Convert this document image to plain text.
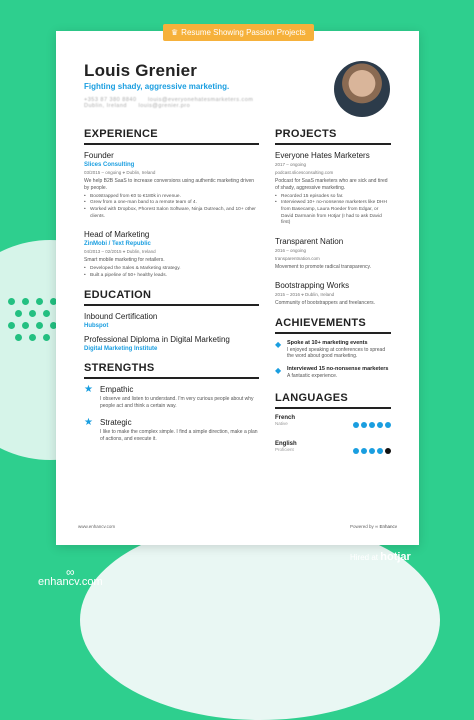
Louis Grenier
Fighting shady, aggressive marketing.
+353 87 380 8840 louis@everyonehatesmarketers.com
Dublin, Ireland louis@grenier.pro
EXPERIENCE
Founder
Slices Consulting
03/2015 – ongoing ⌖ Dublin, Ireland
We help B2B SaaS to increase conversions using authentic marketing driven by people.
• Bootstrapped from €0 to €180k in revenue.
• Grew from a one-man band to a remote team of 4.
• Worked with Dropbox, Phorest Salon Software, Ninja Outreach, and 10+ other clients.
Head of Marketing
ZinMobi / Text Republic
04/2013 – 02/2015 ⌖ Dublin, Ireland
Smart mobile marketing for retailers.
• Developed the Sales & Marketing strategy.
• Built a pipeline of 50+ healthy leads.
EDUCATION
Inbound Certification
Hubspot
Professional Diploma in Digital Marketing
Digital Marketing Institute
STRENGTHS
★ Empathic
I observe and listen to understand. I'm very curious people about why people act and think a certain way.
★ Strategic
I like to make the complex simple. I find a simple direction, make a plan of actions, and execute it.
PROJECTS
Everyone Hates Marketers
2017 – ongoing
podcast.slicesconsulting.com
Podcast for SaaS marketers who are sick and tired of shady, aggressive marketing.
• Recorded 15 episodes so far.
• Interviewed 10+ no-nonsense marketers like DHH from Basecamp, Laura Roeder from Edgar, or David Darmanin from Hotjar (I had to ask David first)
Transparent Nation
2016 – ongoing
transparentnation.com
Movement to promote radical transparency.
Bootstrapping Works
2015 – 2016 ⌖ Dublin, Ireland
Community of bootstrappers and freelancers.
ACHIEVEMENTS
◆ Spoke at 10+ marketing events
I enjoyed speaking at conferences to spread the word about good marketing.
◆ Interviewed 15 no-nonsense marketers
A fantastic experience.
LANGUAGES
French
Native
English
Proficient
www.enhancv.com	Powered by ∞ Enhancv
♛ Resume Showing Passion Projects
∞
enhancv.com
Hired at hotjar
